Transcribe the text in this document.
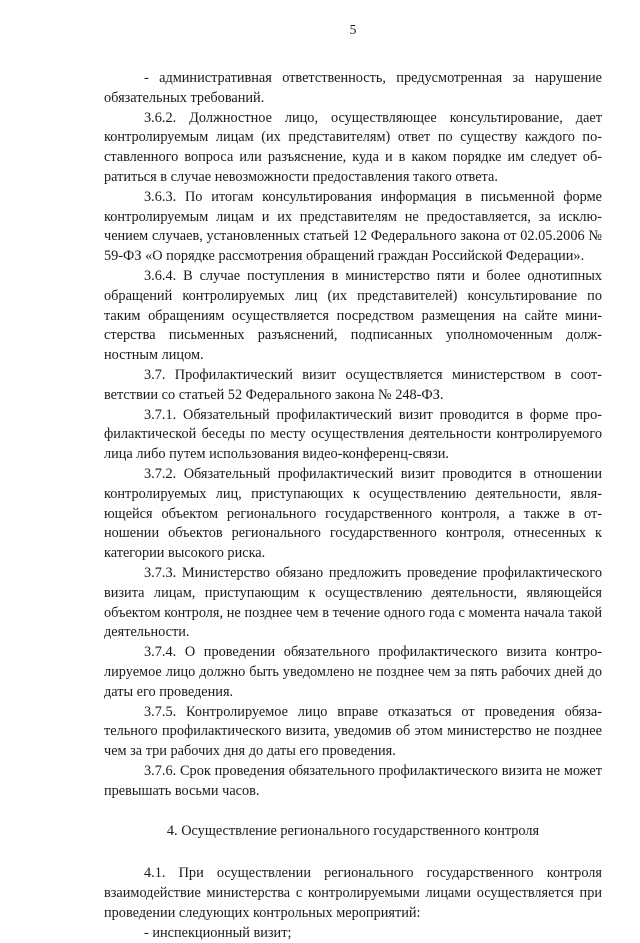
5

- административная ответственность, предусмотренная за нарушение обязательных требований.

3.6.2. Должностное лицо, осуществляющее консультирование, дает контролируемым лицам (их представителям) ответ по существу каждого поставленного вопроса или разъяснение, куда и в каком порядке им следует обратиться в случае невозможности предоставления такого ответа.

3.6.3. По итогам консультирования информация в письменной форме контролируемым лицам и их представителям не предоставляется, за исключением случаев, установленных статьей 12 Федерального закона от 02.05.2006 № 59-ФЗ «О порядке рассмотрения обращений граждан Российской Федерации».

3.6.4. В случае поступления в министерство пяти и более однотипных обращений контролируемых лиц (их представителей) консультирование по таким обращениям осуществляется посредством размещения на сайте министерства письменных разъяснений, подписанных уполномоченным должностным лицом.

3.7. Профилактический визит осуществляется министерством в соответствии со статьей 52 Федерального закона № 248-ФЗ.

3.7.1. Обязательный профилактический визит проводится в форме профилактической беседы по месту осуществления деятельности контролируемого лица либо путем использования видео-конференц-связи.

3.7.2. Обязательный профилактический визит проводится в отношении контролируемых лиц, приступающих к осуществлению деятельности, являющейся объектом регионального государственного контроля, а также в отношении объектов регионального государственного контроля, отнесенных к категории высокого риска.

3.7.3. Министерство обязано предложить проведение профилактического визита лицам, приступающим к осуществлению деятельности, являющейся объектом контроля, не позднее чем в течение одного года с момента начала такой деятельности.

3.7.4. О проведении обязательного профилактического визита контролируемое лицо должно быть уведомлено не позднее чем за пять рабочих дней до даты его проведения.

3.7.5. Контролируемое лицо вправе отказаться от проведения обязательного профилактического визита, уведомив об этом министерство не позднее чем за три рабочих дня до даты его проведения.

3.7.6. Срок проведения обязательного профилактического визита не может превышать восьми часов.

4. Осуществление регионального государственного контроля

4.1. При осуществлении регионального государственного контроля взаимодействие министерства с контролируемыми лицами осуществляется при проведении следующих контрольных мероприятий:

- инспекционный визит;
